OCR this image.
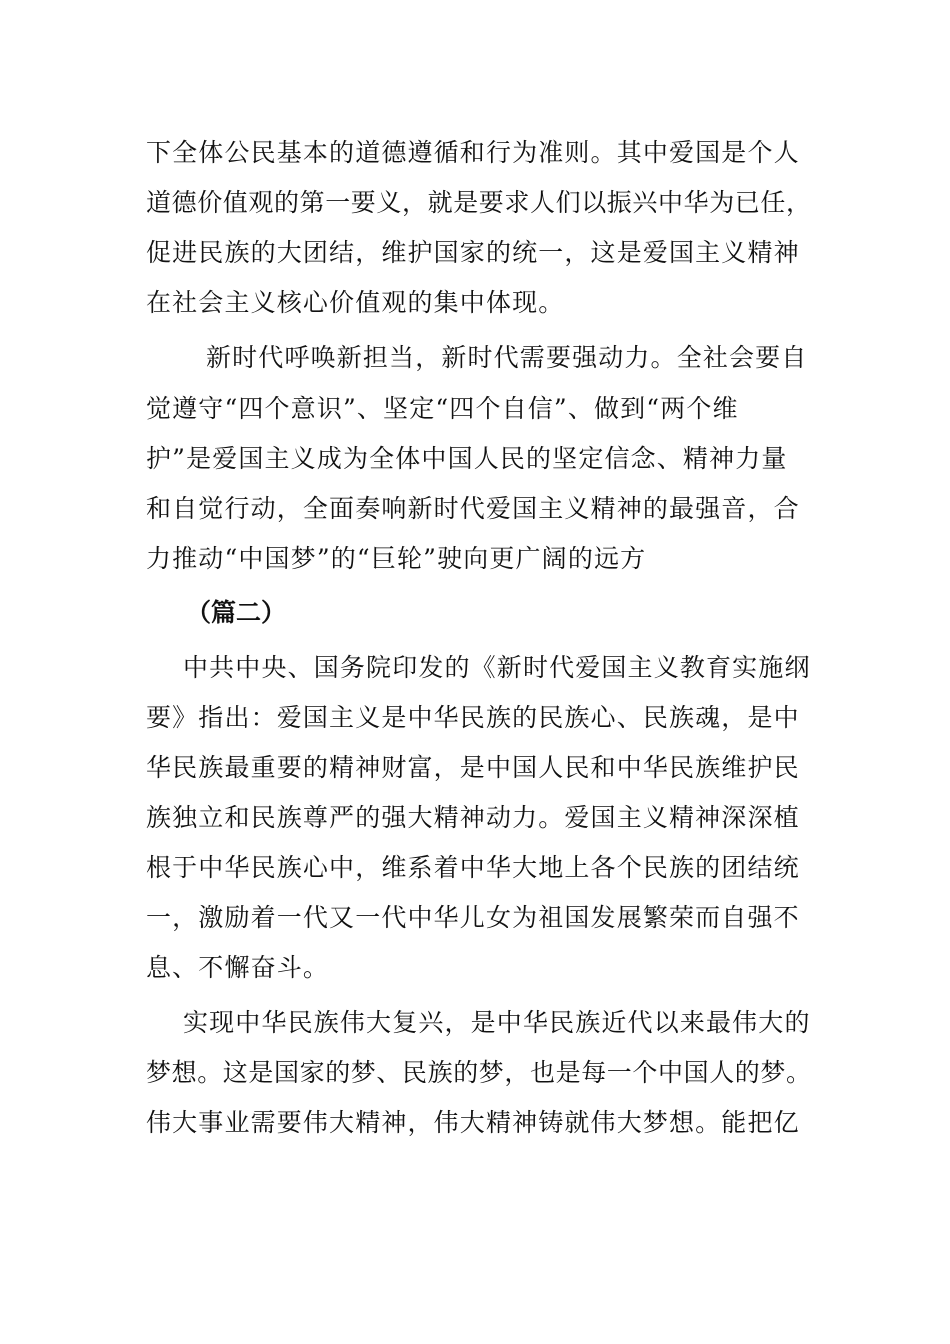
下全体公民基本的道德遵循和行为准则。其中爱国是个人
道德价值观的第一要义，就是要求人们以振兴中华为已任，
促进民族的大团结，维护国家的统一，这是爱国主义精神
在社会主义核心价值观的集中体现。
新时代呼唤新担当，新时代需要强动力。全社会要自
觉遵守“四个意识”、坚定“四个自信”、做到“两个维
护”是爱国主义成为全体中国人民的坚定信念、精神力量
和自觉行动，全面奏响新时代爱国主义精神的最强音，合
力推动“中国梦”的“巨轮”驶向更广阔的远方
（篇二）
中共中央、国务院印发的《新时代爱国主义教育实施纲
要》指出：爱国主义是中华民族的民族心、民族魂，是中
华民族最重要的精神财富，是中国人民和中华民族维护民
族独立和民族尊严的强大精神动力。爱国主义精神深深植
根于中华民族心中，维系着中华大地上各个民族的团结统
一，激励着一代又一代中华儿女为祖国发展繁荣而自强不
息、不懈奋斗。
实现中华民族伟大复兴，是中华民族近代以来最伟大的
梦想。这是国家的梦、民族的梦，也是每一个中国人的梦。
伟大事业需要伟大精神，伟大精神铸就伟大梦想。能把亿
